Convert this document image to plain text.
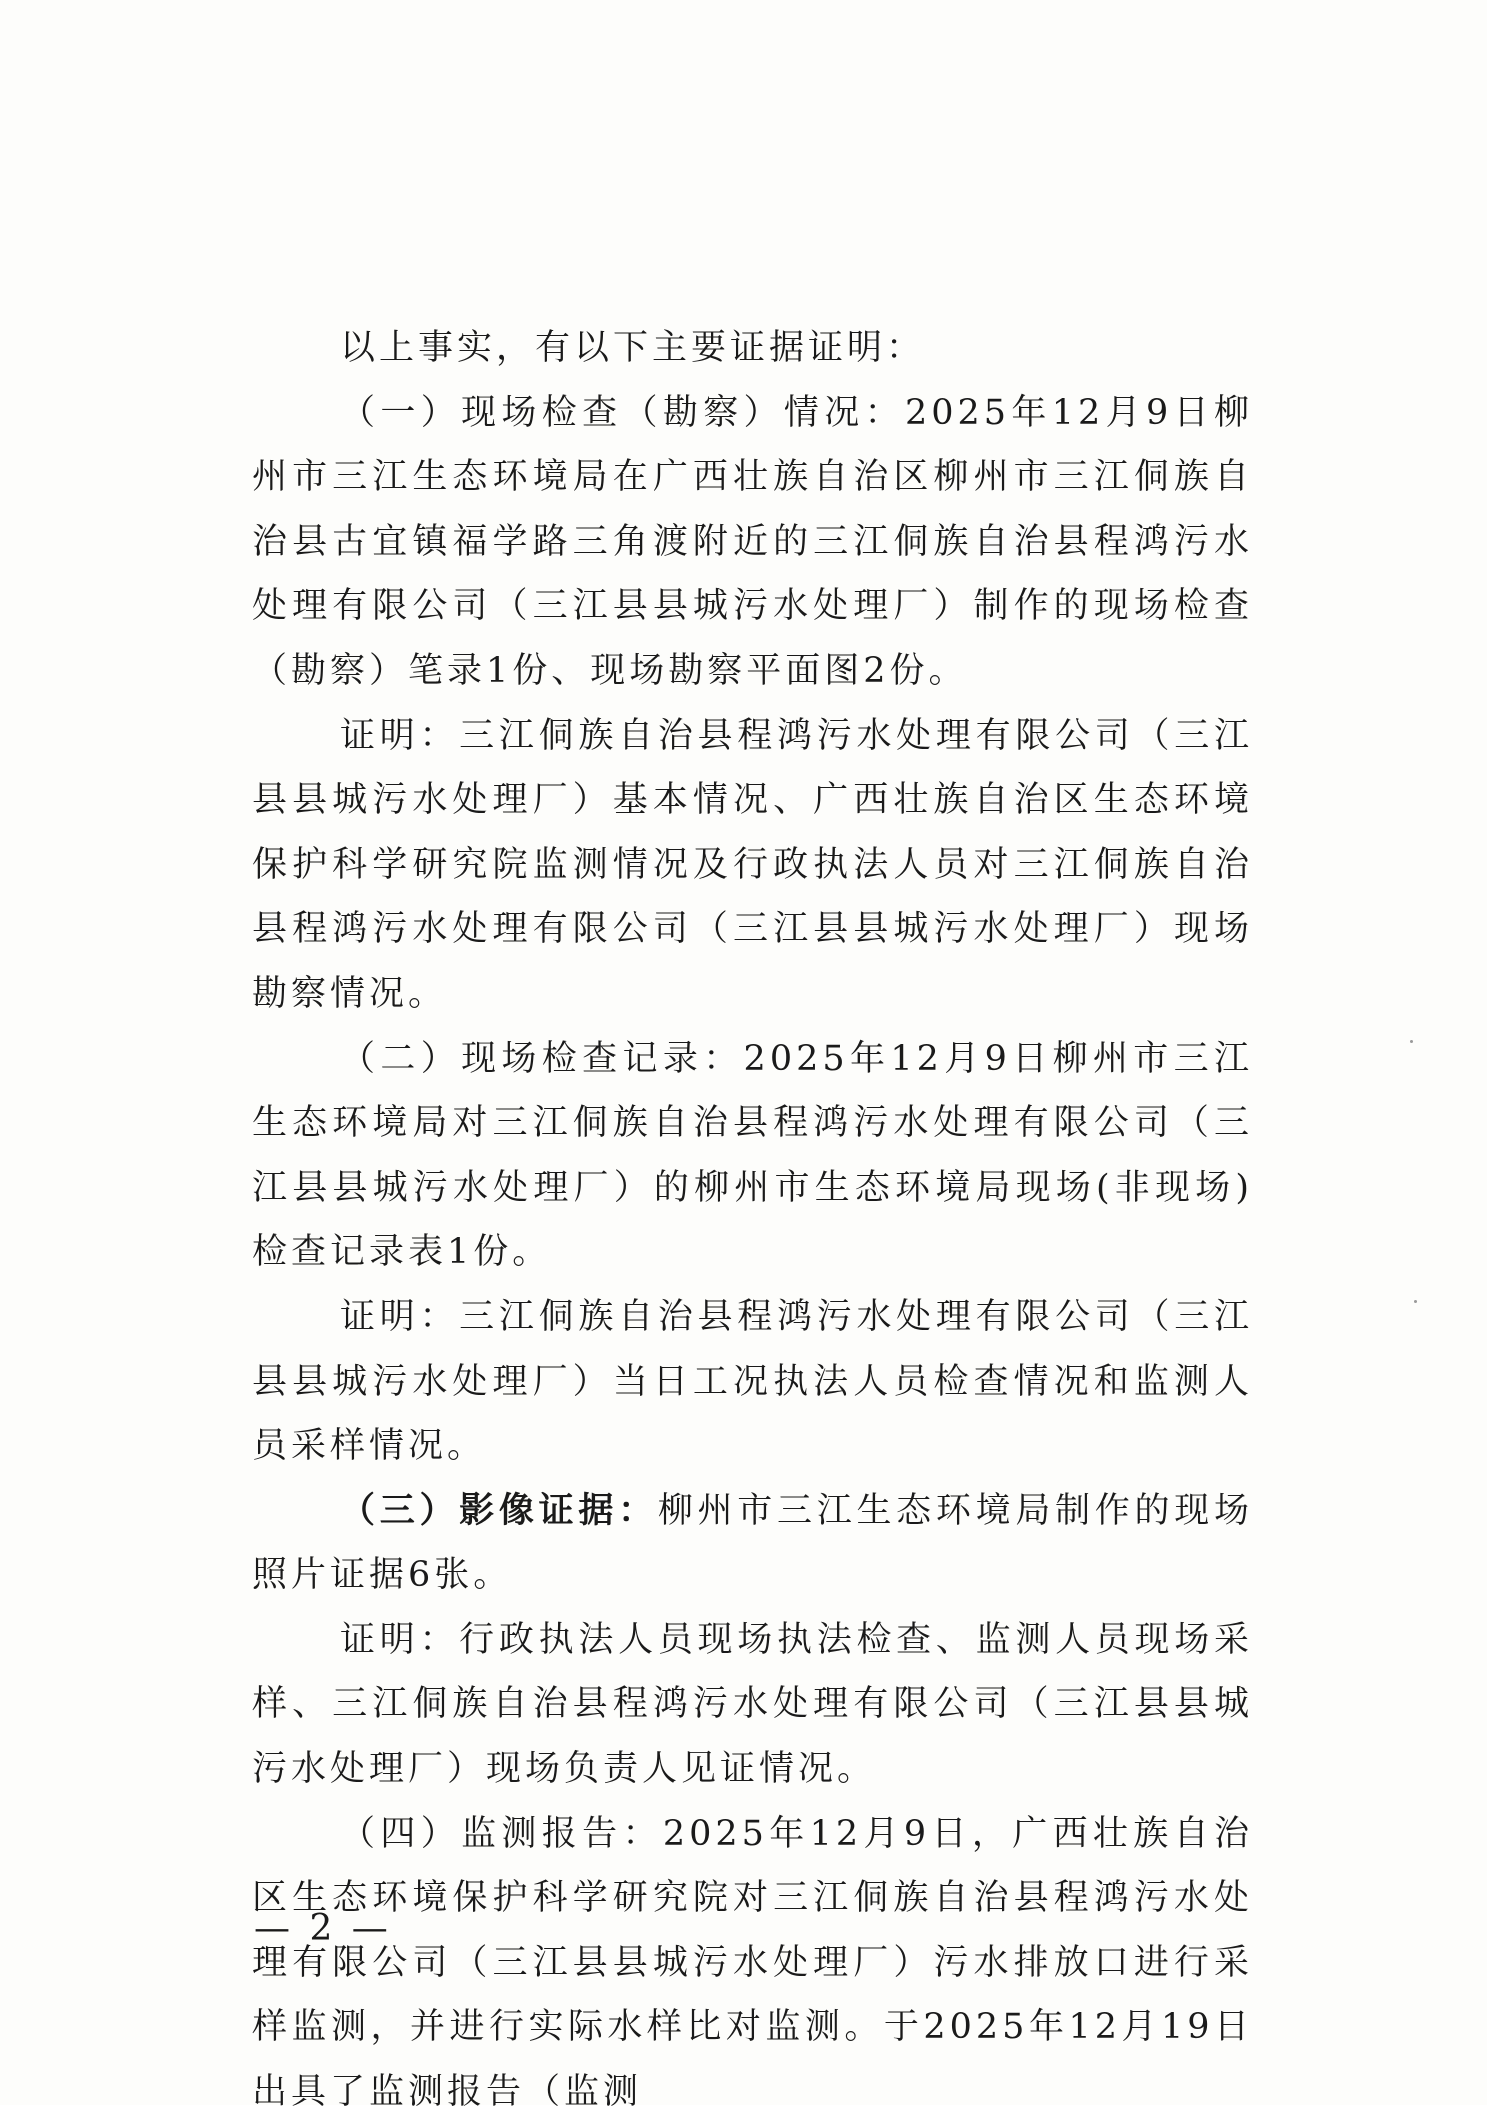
以上事实，有以下主要证据证明：

（一）现场检查（勘察）情况：2025年12月9日柳州市三江生态环境局在广西壮族自治区柳州市三江侗族自治县古宜镇福学路三角渡附近的三江侗族自治县程鸿污水处理有限公司（三江县县城污水处理厂）制作的现场检查（勘察）笔录1份、现场勘察平面图2份。

证明：三江侗族自治县程鸿污水处理有限公司（三江县县城污水处理厂）基本情况、广西壮族自治区生态环境保护科学研究院监测情况及行政执法人员对三江侗族自治县程鸿污水处理有限公司（三江县县城污水处理厂）现场勘察情况。

（二）现场检查记录：2025年12月9日柳州市三江生态环境局对三江侗族自治县程鸿污水处理有限公司（三江县县城污水处理厂）的柳州市生态环境局现场(非现场)检查记录表1份。

证明：三江侗族自治县程鸿污水处理有限公司（三江县县城污水处理厂）当日工况执法人员检查情况和监测人员采样情况。

（三）影像证据：柳州市三江生态环境局制作的现场照片证据6张。

证明：行政执法人员现场执法检查、监测人员现场采样、三江侗族自治县程鸿污水处理有限公司（三江县县城污水处理厂）现场负责人见证情况。

（四）监测报告：2025年12月9日，广西壮族自治区生态环境保护科学研究院对三江侗族自治县程鸿污水处理有限公司（三江县县城污水处理厂）污水排放口进行采样监测，并进行实际水样比对监测。于2025年12月19日出具了监测报告（监测

— 2 —
